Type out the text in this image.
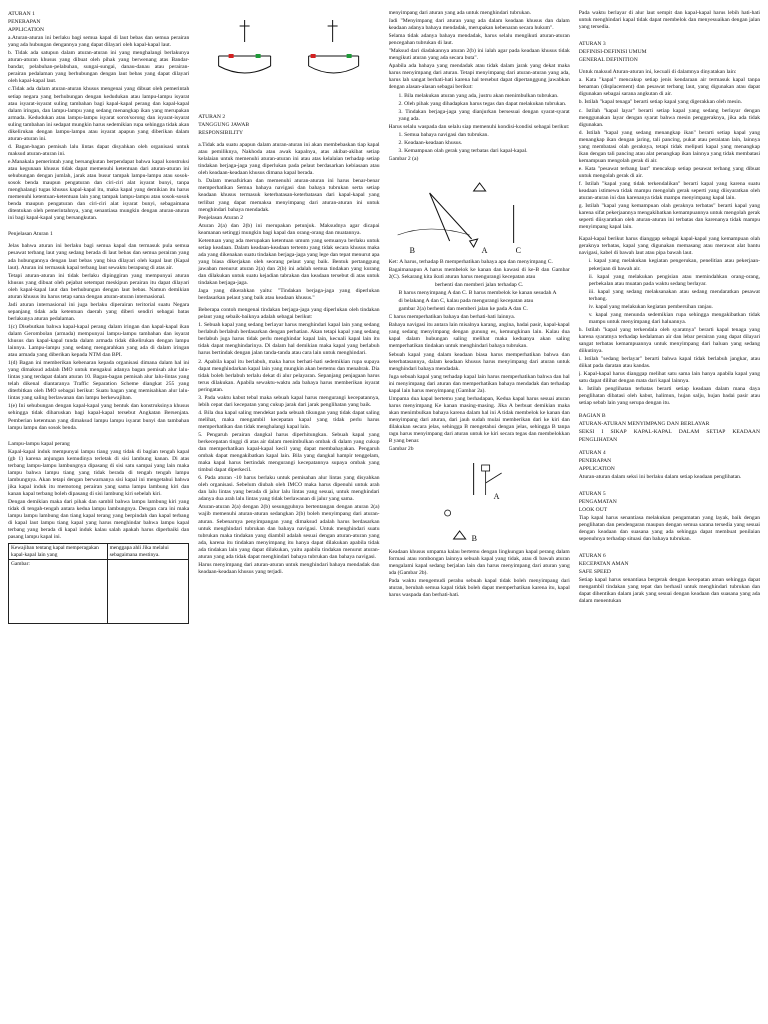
ATURAN 1

PENERAPAN

APPLICATION

a.Aturan-aturan ini berlaku bagi semua kapal di laut bebas dan semua perairan yang ada hubungan dengannya yang dapat dilayari oleh kapal-kapal laut.

b. Tidak ada satupun dalam aturan-aturan ini yang menghalangi berlakunya aturan-aturan khusus yang dibuat oleh pihak yang berwenang atas Bandar-bandar, pelabuhan-pelabuhan, sungai-sungai, danau-danau atau perairan-perairan pedalaman yang berhubungan dengan laut bebas yang dapat dilayari oleh kapal-kapal laut.

c.Tidak ada dalam aturan-aturan khusus mengenai yang dibuat oleh pemerintah setiap negara yang berhubungan dengan kedudukan atau lampu-lampu isyarat atau isyarat-isyarat suling tambahan bagi kapal-kapal perang dan kapal-kapal dalam iringan, dan lampu-lampu yang sedang menangkap ikan yang merupakan armada. Kedudukan atau lampu-lampu isyarat sorot/sorong dan isyarat-isyarat suling tambahan ini sedapat mungkin harus sedemikian rupa sehingga tidak akan dikelirukan dengan lampu-lampu atau isyarat apapun yang diberikan dalam aturan-aturan ini.

d. Bagan-bagan pemisah lalu lintas dapat disyahkan oleh organisasi untuk maksud aturan-aturan ini.

e.Manakala pemerintah yang bersangkutan berpendapat bahwa kapal konstruksi atau kegunaan khusus tidak dapat memenuhi ketentuan dari aturan-aturan ini sehubungan dengan jumlah, jarak atau busur tampak lampu-lampu atau sosok-sosok benda maupun pengaturan dan ciri-ciri alat isyarat bunyi, tanpa menghalangi tugas khusus kapal-kapal itu, maka kapal yang demikian itu harus memenuhi ketentuan-ketentuan lain yang tampak lampu-lampu atau sosok-sosok benda maupun pengaturan dan ciri-ciri alat isyarat bunyi, sebagaimana ditentukan oleh pemerintahnya, yang senantiasa mungkin dengan aturan-aturan ini bagi kapal-kapal yang bersangkutan.

Penjelasan Aturan 1

Jelas bahwa aturan ini berlaku bagi semua kapal dan termasuk pula semua pesawat terbang laut yang sedang berada di laut bebas dan semua perairan yang ada hubungannya dengan laut bebas yang bisa dilayari oleh kapal laut (Kapal laut). Aturan ini termasuk kapal terbang laut sewaktu berapung di atas air.

Tetapi aturan-aturan ini tidak berlaku dipinggiran yang mempunyai aturan khusus yang dibuat oleh pejabat setempat meskipun perairan itu dapat dilayari oleh kapal-kapal laut dan berhubungan dengan laut bebas. Namun demikian aturan khusus itu harus tetap sama dengan aturan-aturan internasional.

Jadi aturan internasional ini juga berlaku diperairan teritorial suatu Negara sepanjang tidak ada ketentuan daerah yang diberi sendiri sebagai batas berlakunya aturan pedalaman.

1(c) Disebutkan bahwa kapal-kapal perang dalam iringan dan kapal-kapal ikan dalam Gerombolan (armada) mempunyai lampu-lampu tambahan dan isyarat khusus dan kapal-kapal tunda dalam armada tidak dikelirukan dengan lampu lainnya. Lampu-lampu yang sedang mengarahkan yang ada di dalam iringan atau armada yang diberikan kepada NTM dan BPI.

1(d) Bagan ini memberikan kebenaran kepada organisasi dimana dalam hal ini yang dimaksud adalah IMO untuk mengakui adanya bagan pemisah alur lalu-lintas yang terdapat dalam aturan 10. Bagan-bagan pemisah alur lalu-lintas yang telah dikenal diantaranya Traffic Separation Scheme diangkat 255 yang diterbitkan oleh IMO sebagai berikut: Suatu bagan yang memisahkan alur lalu-lintas yang saling berlawanan dan lampu berkewajiban.

1(e) Ini sehubungan dengan kapal-kapal yang bentuk dan konstruksinya khusus sehingga tidak diharuskan bagi kapal-kapal tersebut Angkatan Bersenjata. Pemberian ketentuan yang dimaksud lampu lampu isyarat bunyi dan tambahan lampu lampu dan sosok benda.

Lampu-lampu kapal perang

Kapal-kapal induk mempunyai lampu tiang yang tidak di bagian tengah kapal (gb 1) karena anjungan kemudinya terletak di sisi lambung kanan. Di atas terbang lampu-lampu lambungnya dipasang di sisi satu sampai yang lain maka lampu bahwa lampu tiang yang tidak berada di tengah tengah lampu lambungnya. Akan tetapi dengan berwarnanya sisi kapal ini mengetahui bahwa jika kapal induk itu memotong perairan yang sama lampu lambung kiri dan kanan kapal terbang boleh dipasang di sisi lambung kiri sebelah kiri.

Dengan demikian maka dari pihak dan sambil bahwa lampu lambung kiri yang tidak di tengah-tengah antara kedua lampu lambungnya. Dengan cara ini maka lampu lampu lambung dan tiang kapal terang yang berpindah dan kapal terbang di kapal laut lampu tiang kapal yang harus menghindar bahwa lampu kapal terbang yang berada di kapal induk kalau salah apakah harus diperbaiki dan pasang lampu kapal ini.

Kewajiban tentang kapal memperagakan kapal-kapal lain yang	menggapa ahli Jika melalui sebagaimana mestinya.
Gambar:	

ATURAN 2

TANGGUNG JAWAB

RESPONSIBILITY

a.Tidak ada suatu apapun dalam aturan-aturan ini akan membebaskan tiap kapal atau pemiliknya, Nakhoda atau awak kapalnya, atas akibat-akibat setiap kelalaian untuk memenuhi aturan-aturan ini atau atas kelalaian terhadap setiap tindakan berjaga-jaga yang diperlukan pada pelaut berdasarkan kebiasaan atau oleh keadaan-keadaan khusus dimana kapal berada.

b. Dalam menafsirkan dan memenuhi aturan-aturan ini harus benar-benar memperhatikan Semua bahaya navigasi dan bahaya tubrukan serta setiap keadaan khusus termasuk keterbatasan-keterbatasan dari kapal-kapal yang terlibat yang dapat memaksa menyimpang dari aturan-aturan ini untuk menghindari bahaya mendadak.

Penjelasan Aturan 2

Aturan 2(a) dan 2(b) ini merupakan petunjuk. Maksudnya agar dicapai keamanan setinggi mungkin bagi kapal dan orang-orang dan muatannya.

Ketentuan yang ada merupakan ketentuan umum yang semuanya berlaku untuk setiap keadaan. Dalam keadaan-keadaan tertentu yang tidak secara khusus maka ada yang dikenakan suatu tindakan berjaga-jaga yang lege dan tepat menurut apa yang biasa dikerjakan oleh seorang pelaut yang baik. Bentuk pertanggung jawaban menurut aturan 2(a) dan 2(b) ini adalah semua tindakan yang kurang dan dilakukan untuk suatu kejadian tabrakan dan keadaan tersebut di atas untuk tindakan berjaga-jaga.

Jaga yang dikerahkan yaitu: "Tindakan berjaga-jaga yang diperlukan berdasarkan pelaut yang baik atau keadaan khusus."

Beberapa contoh mengenai tindakan berjaga-jaga yang diperlukan oleh tindakan pelaut yang sebaik-baiknya adalah sebagai berikut:

1. Sebuah kapal yang sedang berlayar harus menghindari kapal lain yang sedang berlabuh berlabuh berdasarkan dengan perhatian. Akan tetapi kapal yang sedang berlabuh juga harus tidak perlu menghindar kapal lain, kecuali kapal lain itu tidak dapat menghindarinya. Di dalam hal demikian maka kapal yang berlabuh harus bertindak dengan jalan tanda-tanda atau cara lain untuk menghindari.

2. Apabila kapal itu berlabuh, maka harus berhati-hati sedemikian rupa supaya dapat menghindarkan kapal lain yang mungkin akan bertemu dan menabrak. Dia tidak boleh berlabuh terlalu dekat di alur pelayaran. Sepanjang penjagaan harus terus dilakukan. Apabila sewaktu-waktu ada bahaya harus memberikan isyarat peringatan.

3. Pada waktu kabut tebal maka sebuah kapal harus mengurangi kecepatannya, lebih cepat dari kecepatan yang cukup jarak dari jarak penglihatan yang baik.

4. Bila dua kapal saling mendekat pada sebuah tikungan yang tidak dapat saling melihat, maka mengambil kecepatan kapal yang tidak perlu harus memperhatikan dan tidak menghalangi kapal lain.

5. Pengaruh perairan dangkal harus diperhitungkan. Sebuah kapal yang berkecepatan tinggi di atas air dalam menimbulkan ombak di dalam yang cukup dan memperhatikan kapal-kapal kecil yang dapat membahayakan. Pengaruh ombak dapat mengakibatkan kapal lain. Bila yang dangkal hampir tenggelam, maka kapal harus bertindak mengurangi kecepatannya supaya ombak yang timbul dapat diperkecil.

6. Pada aturan -10 harus berlaku untuk pemisahan alur lintas yang disyahkan oleh organisasi. Sebelum diubah oleh IMCO maka harus dipenuhi untuk arah dan lalu lintas yang berada di jalur lalu lintas yang sesuai, untuk menghindari adanya dua arah lalu lintas yang tidak berlawanan di jalur yang sama.

Aturan-aturan 2(a) dengan 2(b) sesungguhnya bertentangan dengan aturan 2(a) wajib memenuhi aturan-aturan sedangkan 2(b) boleh menyimpang dari aturan-aturan. Sebenarnya penyimpangan yang dimaksud adalah harus berdasarkan untuk menghindari tubrukan dan bahaya navigasi. Untuk menghindari suatu tubrukan maka tindakan yang diambil adalah sesuai dengan aturan-aturan yang ada, karena itu tindakan menyimpang itu hanya dapat dilakukan apabila tidak ada tindakan lain yang dapat dilakukan, yaitu apabila tindakan menurut aturan-aturan yang ada tidak dapat menghindari bahaya tubrukan dan bahaya navigasi.

Harus menyimpang dari aturan-aturan untuk menghindari bahaya mendadak dan keadaan-keadaan khusus yang terjadi.

menyimpang dari aturan yang ada untuk menghindari tubrukan.

Jadi "Menyimpang dari aturan yang ada dalam keadaan khusus dan dalam keadaan adanya bahaya mendadak, merupakan kebenaran secara hukum".

Selama tidak adanya bahaya mendadak, harus selalu mengikuti aturan-aturan pencegahan tubrukan di laut.

"Maksud dari diadakannya aturan 2(b) ini ialah agar pada keadaan khusus tidak mengikuti aturan yang ada secara buta".

Apabila ada bahaya yang mendadak atau tidak dalam jarak yang dekat maka harus menyimpang dari aturan. Tetapi menyimpang dari aturan-aturan yang ada, harus lah sangat berhati-hati karena hal tersebut dapat dipertanggung jawabkan dengan alasan-alasan sebagai berikut:

1. Bila melakukan aturan yang ada, justru akan menimbulkan tubrukan.

2. Oleh pihak yang dihadapkan harus tegas dan dapat melakukan tubrukan.

3. Tindakan berjaga-jaga yang dianjurkan bersesuai dengan syarat-syarat yang ada.

Harus selalu waspada dan selalu siap memenuhi kondisi-kondisi sebagai berikut:

1. Semua bahaya navigasi dan tubrukan.

2. Keadaan-keadaan khusus.

3. Kemampuan olah gerak yang terbatas dari kapal-kapal.

Gambar 2 (a)

B	A	C

Ket: A harus, terhadap B memperhatikan bahaya apa dan menyimpang C.

Bagaimanapun A harus membelok ke kanan dan kawasi di ke-B dan Gambar 2(C). Sekarang kita ikuti aturan harus mengurangi kecepatan atau

berhenti dan memberi jalan terhadap C.

B harus menyimpang A dan C. B harus membelok ke kanan sesudah A

di belakang A dan C, kalau pada mengurangi kecepatan atau

gambar 2(a) berhenti dan memberi jalan ke pada A dan C.

C harus memperhatikan bahaya dan berhati-hati lainnya.

Bahaya navigasi itu antara lain misalnya karang, angina, badai pasir, kapal-kapal yang sedang menyimpang dengan gunung es, kemungkinan lain. Kalau dua kapal dalam hubungan saling melihat maka keduanya akan saling memperhatikan tindakan untuk menghindari bahaya tubrukan.

Sebuah kapal yang dalam keadaan biasa harus memperhatikan bahwa dan keterbatasannya, dalam keadaan khusus harus menyimpang dari aturan untuk menghindari bahaya mendadak.

Juga sebuah kapal yang terhadap kapal lain harus memperhatikan bahwa dan hal ini menyimpang dari aturan dan memperhatikan bahaya mendadak dan terhadap kapal lain harus menyimpang (Gambar 2a).

Umpama dua kapal bertemu yang berhadapan, Kedua kapal harus sesuai aturan harus menyimpang Ke kanan masing-masing. Jika A berbuat demikian maka akan menimbulkan bahaya karena dalam hal ini A tidak membelok ke kanan dan menyimpang dari aturan, dari jauh sudah mulai memberikan dari ke kiri dan dilakukan secara jelas, sehingga B mengetahui dengan jelas, sehingga B tanpa ragu harus menyimpang dari aturan untuk ke kiri secara tegas dan membelokkan B yang benar.

Gambar 2b

A
B

Keadaan khusus umpama kalau bertemu dengan lingkungan kapal perang dalam formasi atau rombongan lainnya sebuah kapal yang tidak, atau di bawah aturan mengalami kapal sedang berjalan lain dan harus menyimpang dari aturan yang ada (Gambar 2b).

Pada waktu mengemudi perahu sebuah kapal tidak boleh menyimpang dari aturan, berubah semua kapal tidak boleh dapat memperhatikan karena itu, kapal harus waspada dan berhati-hati.

Pada waktu berlayar di alur laut sempit dan kapal-kapal harus lebih hati-hati untuk menghindari kapal tidak dapat membelok dan menyesuaikan dengan jalan yang tersedia.

ATURAN 3

DEFINISI-DEFINISI UMUM

GENERAL DEFINITION

Untuk maksud Aturan-aturan ini, kecuali di dalamnya dinyatakan lain:

a. Kata "kapal" mencakup setiap jenis kendaraan air termasuk kapal tanpa benaman (displacement) dan pesawat terbang laut, yang digunakan atau dapat digunakan sebagai sarana angkutan di air.

b. Istilah "kapal tenaga" berarti setiap kapal yang digerakkan oleh mesin.

c. Istilah "kapal layar" berarti setiap kapal yang sedang berlayar dengan menggunakan layar dengan syarat bahwa mesin penggeraknya, jika ada tidak digunakan.

d. Istilah "kapal yang sedang menangkap ikan" berarti setiap kapal yang menangkap ikan dengan jaring, tali pancing, pukat atau peralatan lain, lainnya yang membatasi olah geraknya, tetapi tidak meliputi kapal yang menangkap ikan dengan tali pancing atau alat penangkap ikan lainnya yang tidak membatasi kemampuan mengolah gerak di air.

e. Kata "pesawat terbang laut" mencakup setiap pesawat terbang yang dibuat untuk mengolah gerak di air.

f. Istilah "kapal yang tidak terkendalikan" berarti kapal yang karena suatu keadaan istimewa tidak mampu mengolah gerak seperti yang diisyaratkan oleh aturan-aturan ini dan karenanya tidak mampu menyimpang kapal lain.

g. Istilah "kapal yang kemampuan olah geraknya terbatas" berarti kapal yang karena sifat pekerjaannya mengakibatkan kemampuannya untuk mengolah gerak seperti diisyaratkan oleh aturan-aturan ini terbatas dan karenanya tidak mampu menyimpang kapal lain.

Kapal-kapal berikut harus dianggap sebagai kapal-kapal yang kemampuan olah geraknya terbatas, kapal yang digunakan memasang atau merawat alat bantu navigasi, kabel di bawah laut atau pipa bawah laut.

i. kapal yang melakukan kegiatan pengerukan, penelitian atau pekerjaan-pekerjaan di bawah air.

ii. kapal yang melakukan pengisian atau memindahkan orang-orang, perbekalan atau muatan pada waktu sedang berlayar.

iii. kapal yang sedang melaksanakan atau sedang mendaratkan pesawat terbang.

iv. kapal yang melakukan kegiatan pembersihan ranjau.

v. kapal yang menunda sedemikian rupa sehingga mengakibatkan tidak mampu untuk menyimpang dari haluannya.

h. Istilah "kapal yang terkendala oleh syaratnya" berarti kapal tenaga yang karena syaratnya terhadap kedalaman air dan lebar perairan yang dapat dilayari sangat terbatas kemampuannya untuk menyimpang dari haluan yang sedang diikutinya.

i. Istilah "sedang berlayar" berarti bahwa kapal tidak berlabuh jangkar, atau diikat pada daratan atau kandas.

j. Kapal-kapal harus dianggap melihat satu sama lain hanya apabila kapal yang satu dapat dilihat dengan mata dari kapal lainnya.

k. Istilah penglihatan terbatas berarti setiap keadaan dalam mana daya penglihatan dibatasi oleh kabut, halimun, hujan salju, hujan badai pasir atau setiap sebab lain yang serupa dengan itu.

BAGIAN B

ATURAN-ATURAN MENYIMPANG DAN BERLAYAR

SEKSI I SIKAP KAPAL-KAPAL DALAM SETIAP KEADAAN PENGLIHATAN

ATURAN 4

PENERAPAN

APPLICATION

Aturan-aturan dalam seksi ini berlaku dalam setiap keadaan penglihatan.

ATURAN 5

PENGAMATAN

LOOK OUT

Tiap kapal harus senantiasa melakukan pengamatan yang layak, baik dengan penglihatan dan pendengaran maupun dengan semua sarana tersedia yang sesuai dengan keadaan dan suasana yang ada sehingga dapat membuat penilaian sepenuhnya terhadap situasi dan bahaya tubrukan.

ATURAN 6

KECEPATAN AMAN

SAFE SPEED

Setiap kapal harus senantiasa bergerak dengan kecepatan aman sehingga dapat mengambil tindakan yang tepat dan berhasil untuk menghindari tubrukan dan dapat dihentikan dalam jarak yang sesuai dengan keadaan dan suasana yang ada dalam menentukan
